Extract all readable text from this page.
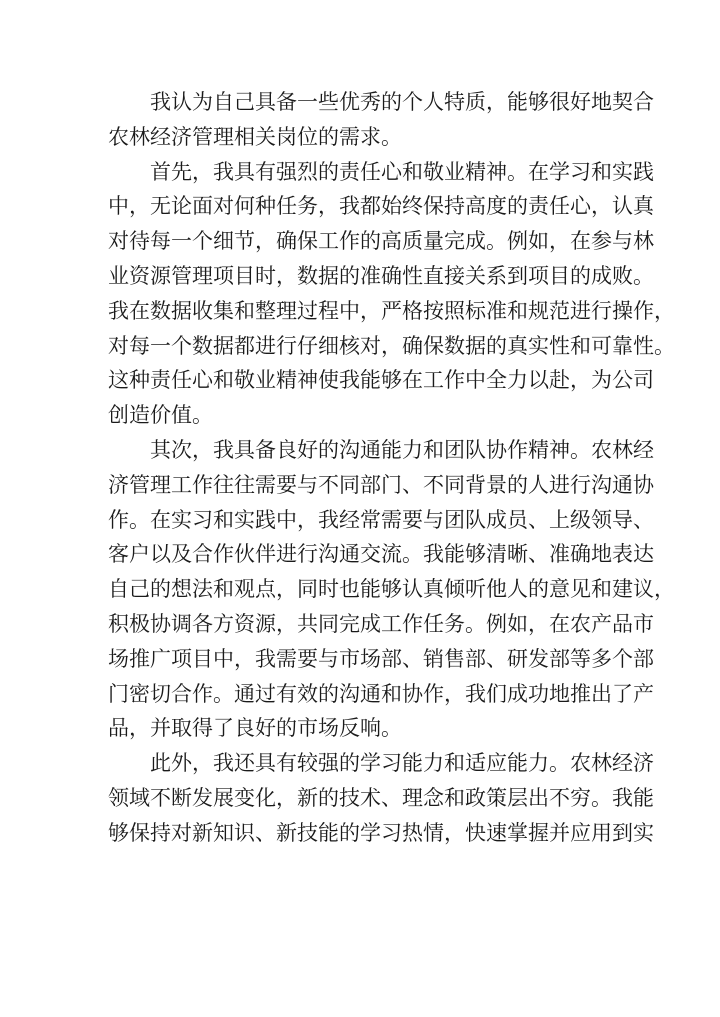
我认为自己具备一些优秀的个人特质，能够很好地契合
农林经济管理相关岗位的需求。
首先，我具有强烈的责任心和敬业精神。在学习和实践
中，无论面对何种任务，我都始终保持高度的责任心，认真
对待每一个细节，确保工作的高质量完成。例如，在参与林
业资源管理项目时，数据的准确性直接关系到项目的成败。
我在数据收集和整理过程中，严格按照标准和规范进行操作，
对每一个数据都进行仔细核对，确保数据的真实性和可靠性。
这种责任心和敬业精神使我能够在工作中全力以赴，为公司
创造价值。
其次，我具备良好的沟通能力和团队协作精神。农林经
济管理工作往往需要与不同部门、不同背景的人进行沟通协
作。在实习和实践中，我经常需要与团队成员、上级领导、
客户以及合作伙伴进行沟通交流。我能够清晰、准确地表达
自己的想法和观点，同时也能够认真倾听他人的意见和建议，
积极协调各方资源，共同完成工作任务。例如，在农产品市
场推广项目中，我需要与市场部、销售部、研发部等多个部
门密切合作。通过有效的沟通和协作，我们成功地推出了产
品，并取得了良好的市场反响。
此外，我还具有较强的学习能力和适应能力。农林经济
领域不断发展变化，新的技术、理念和政策层出不穷。我能
够保持对新知识、新技能的学习热情，快速掌握并应用到实
